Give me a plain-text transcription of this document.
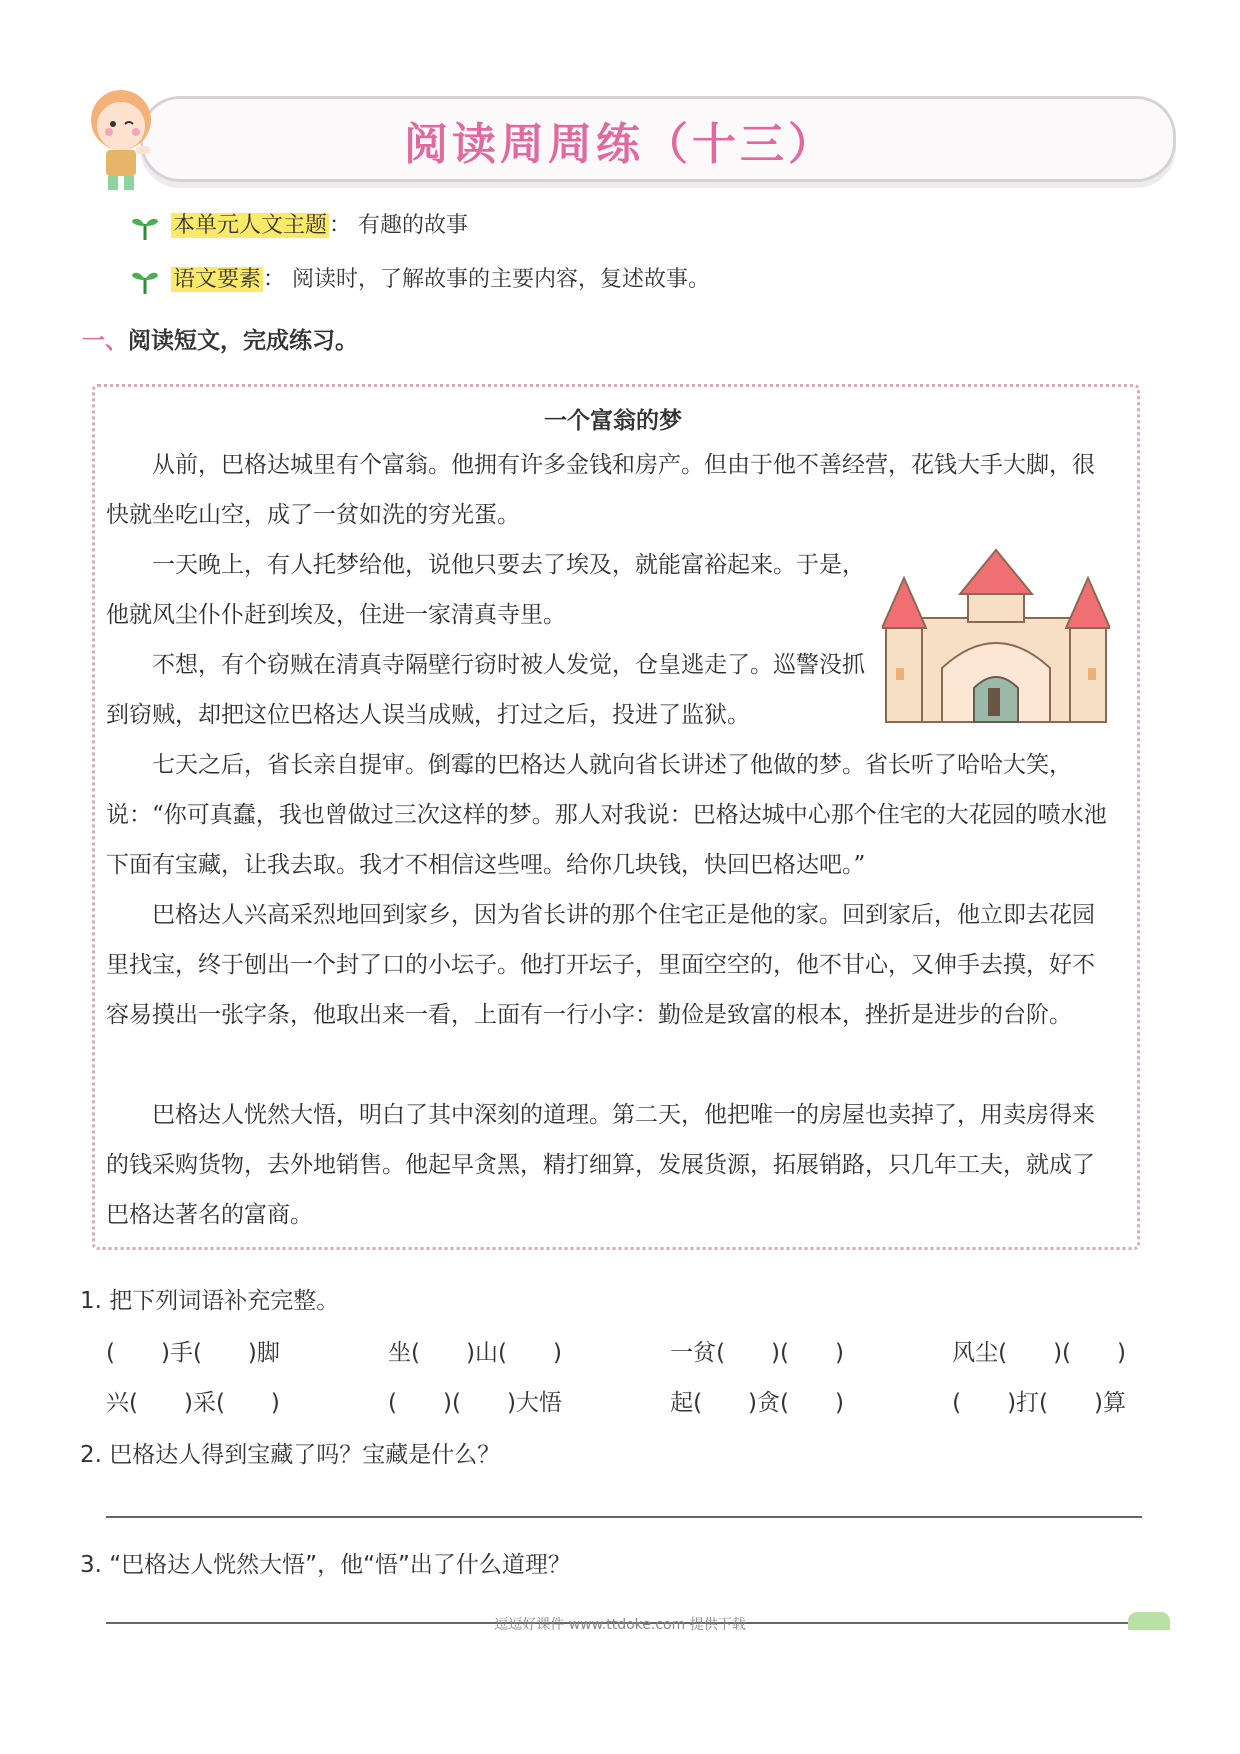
阅读周周练（十三）
本单元人文主题： 有趣的故事
语文要素： 阅读时，了解故事的主要内容，复述故事。
一、阅读短文，完成练习。
一个富翁的梦

从前，巴格达城里有个富翁。他拥有许多金钱和房产。但由于他不善经营，花钱大手大脚，很快就坐吃山空，成了一贫如洗的穷光蛋。

一天晚上，有人托梦给他，说他只要去了埃及，就能富裕起来。于是，他就风尘仆仆赶到埃及，住进一家清真寺里。

不想，有个窃贼在清真寺隔壁行窃时被人发觉，仓皇逃走了。巡警没抓到窃贼，却把这位巴格达人误当成贼，打过之后，投进了监狱。

七天之后，省长亲自提审。倒霉的巴格达人就向省长讲述了他做的梦。省长听了哈哈大笑，说：“你可真蠢，我也曾做过三次这样的梦。那人对我说：巴格达城中心那个住宅的大花园的喷水池下面有宝藏，让我去取。我才不相信这些哩。给你几块钱，快回巴格达吧。”

巴格达人兴高采烈地回到家乡，因为省长讲的那个住宅正是他的家。回到家后，他立即去花园里找宝，终于刨出一个封了口的小坛子。他打开坛子，里面空空的，他不甘心，又伸手去摸，好不容易摸出一张字条，他取出来一看，上面有一行小字：勤俭是致富的根本，挫折是进步的台阶。

巴格达人恍然大悟，明白了其中深刻的道理。第二天，他把唯一的房屋也卖掉了，用卖房得来的钱采购货物，去外地销售。他起早贪黑，精打细算，发展货源，拓展销路，只几年工夫，就成了巴格达著名的富商。

1. 把下列词语补充完整。
(　　)手(　　)脚	坐(　　)山(　　)	一贫(　　)(　　)	风尘(　　)(　　)
兴(　　)采(　　)	(　　)(　　)大悟	起(　　)贪(　　)	(　　)打(　　)算
2. 巴格达人得到宝藏了吗？宝藏是什么？
3. “巴格达人恍然大悟”，他“悟”出了什么道理？
逗逗好课件 www.ttdoke.com 提供下载
